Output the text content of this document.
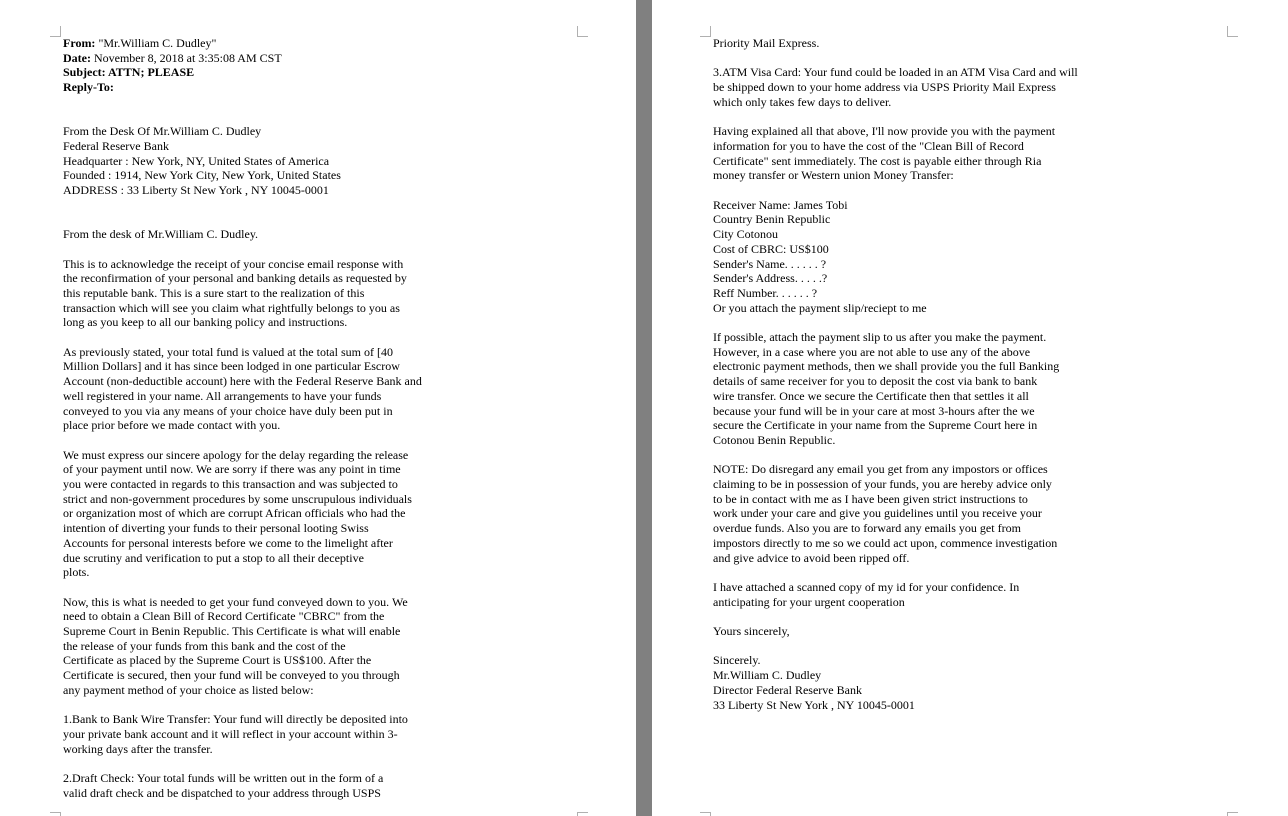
From: "Mr.William C. Dudley"
Date: November 8, 2018 at 3:35:08 AM CST
Subject: ATTN; PLEASE
Reply-To:
From the Desk Of Mr.William C. Dudley
Federal Reserve Bank
Headquarter : New York, NY, United States of America
Founded : 1914, New York City, New York, United States
ADDRESS : 33 Liberty St New York , NY 10045-0001
From the desk of Mr.William C. Dudley.
This is to acknowledge the receipt of your concise email response with
the reconfirmation of your personal and banking details as requested by
this reputable bank. This is a sure start to the realization of this
transaction which will see you claim what rightfully belongs to you as
long as you keep to all our banking policy and instructions.
As previously stated, your total fund is valued at the total sum of [40
Million Dollars] and it has since been lodged in one particular Escrow
Account (non-deductible account) here with the Federal Reserve Bank and
well registered in your name. All arrangements to have your funds
conveyed to you via any means of your choice have duly been put in
place prior before we made contact with you.
We must express our sincere apology for the delay regarding the release
of your payment until now. We are sorry if there was any point in time
you were contacted in regards to this transaction and was subjected to
strict and non-government procedures by some unscrupulous individuals
or organization most of which are corrupt African officials who had the
intention of diverting your funds to their personal looting Swiss
Accounts for personal interests before we come to the limelight after
due scrutiny and verification to put a stop to all their deceptive
plots.
Now, this is what is needed to get your fund conveyed down to you. We
need to obtain a Clean Bill of Record Certificate "CBRC" from the
Supreme Court in Benin Republic. This Certificate is what will enable
the release of your funds from this bank and the cost of the
Certificate as placed by the Supreme Court is US$100. After the
Certificate is secured, then your fund will be conveyed to you through
any payment method of your choice as listed below:
1.Bank to Bank Wire Transfer: Your fund will directly be deposited into
your private bank account and it will reflect in your account within 3-
working days after the transfer.
2.Draft Check: Your total funds will be written out in the form of a
valid draft check and be dispatched to your address through USPS
Priority Mail Express.
3.ATM Visa Card: Your fund could be loaded in an ATM Visa Card and will
be shipped down to your home address via USPS Priority Mail Express
which only takes few days to deliver.
Having explained all that above, I'll now provide you with the payment
information for you to have the cost of the "Clean Bill of Record
Certificate" sent immediately. The cost is payable either through Ria
money transfer or Western union Money Transfer:
Receiver Name: James Tobi
Country Benin Republic
City Cotonou
Cost of CBRC: US$100
Sender's Name. . . . . . ?
Sender's Address. . . . .?
Reff Number. . . . . . ?
Or you attach the payment slip/reciept to me
If possible, attach the payment slip to us after you make the payment.
However, in a case where you are not able to use any of the above
electronic payment methods, then we shall provide you the full Banking
details of same receiver for you to deposit the cost via bank to bank
wire transfer. Once we secure the Certificate then that settles it all
because your fund will be in your care at most 3-hours after the we
secure the Certificate in your name from the Supreme Court here in
Cotonou Benin Republic.
NOTE: Do disregard any email you get from any impostors or offices
claiming to be in possession of your funds, you are hereby advice only
to be in contact with me as I have been given strict instructions to
work under your care and give you guidelines until you receive your
overdue funds. Also you are to forward any emails you get from
impostors directly to me so we could act upon, commence investigation
and give advice to avoid been ripped off.
I have attached a scanned copy of my id for your confidence. In
anticipating for your urgent cooperation
Yours sincerely,
Sincerely.
Mr.William C. Dudley
Director Federal Reserve Bank
33 Liberty St New York , NY 10045-0001
